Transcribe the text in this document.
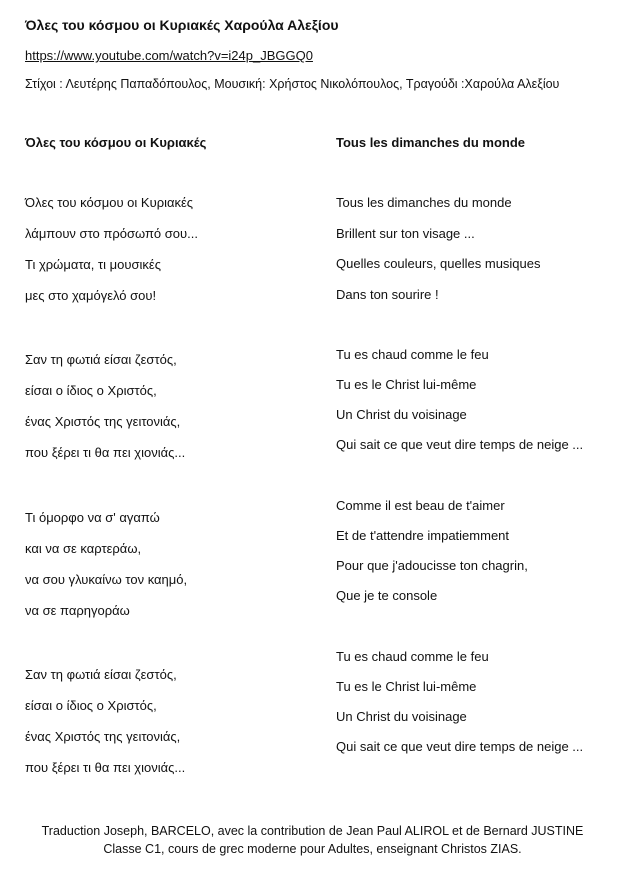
Όλες του κόσμου οι Κυριακές Χαρούλα Αλεξίου
https://www.youtube.com/watch?v=i24p_JBGGQ0
Στίχοι : Λευτέρης Παπαδόπουλος, Μουσική: Χρήστος Νικολόπουλος, Τραγούδι :Χαρούλα Αλεξίου
Όλες του κόσμου οι Κυριακές
Όλες του κόσμου οι Κυριακές
λάμπουν στο πρόσωπό σου...
Τι χρώματα, τι μουσικές
μες στο χαμόγελό σου!
Σαν τη φωτιά είσαι ζεστός,
είσαι ο ίδιος ο Χριστός,
ένας Χριστός της γειτονιάς,
που ξέρει τι θα πει χιονιάς...
Τι όμορφο να σ' αγαπώ
και να σε καρτεράω,
να σου γλυκαίνω τον καημό,
να σε παρηγοράω
Σαν τη φωτιά είσαι ζεστός,
είσαι ο ίδιος ο Χριστός,
ένας Χριστός της γειτονιάς,
που ξέρει τι θα πει χιονιάς...
Tous les dimanches du monde
Tous les dimanches du monde
Brillent sur ton visage ...
Quelles couleurs, quelles musiques
Dans ton sourire !
Tu es chaud comme le feu
Tu es le Christ lui-même
Un Christ du voisinage
Qui sait ce que veut dire temps de neige ...
Comme il est beau de t'aimer
Et de t'attendre impatiemment
Pour que j'adoucisse ton chagrin,
Que je te console
Tu es chaud comme le feu
Tu es le Christ lui-même
Un Christ du voisinage
Qui sait ce que veut dire temps de neige ...
Traduction Joseph, BARCELO, avec la contribution de Jean Paul ALIROL et de Bernard JUSTINE
Classe C1, cours de grec moderne pour Adultes, enseignant Christos ZIAS.
